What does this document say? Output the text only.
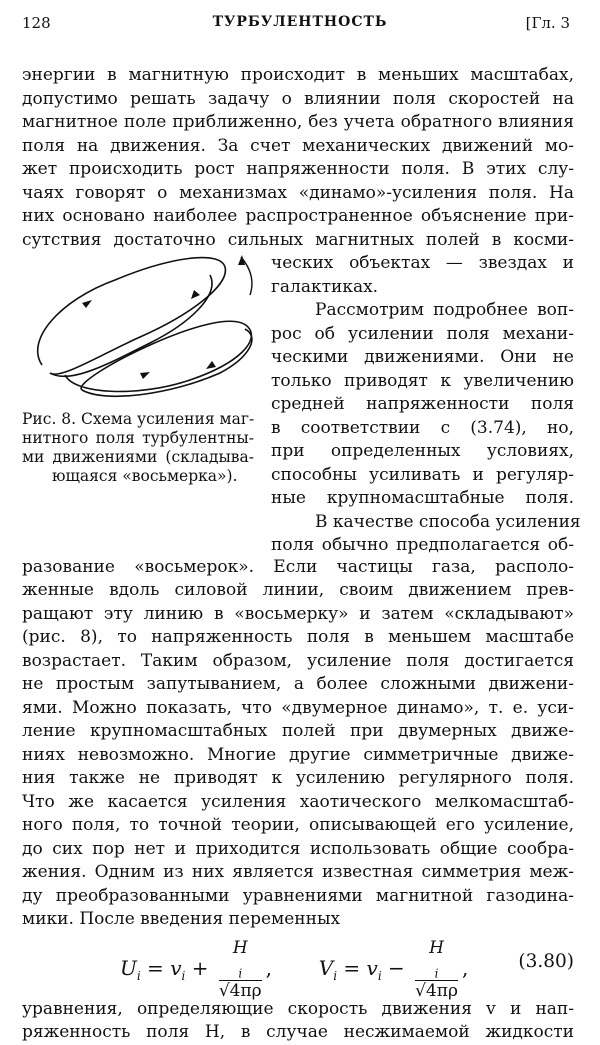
128	ТУРБУЛЕНТНОСТЬ	[Гл. 3
энергии в магнитную происходит в меньших масштабах,
допустимо решать задачу о влиянии поля скоростей на
магнитное поле приближенно, без учета обратного влияния
поля на движения. За счет механических движений мо-
жет происходить рост напряженности поля. В этих слу-
чаях говорят о механизмах «динамо»-усиления поля. На
них основано наиболее распространенное объяснение при-
сутствия достаточно сильных магнитных полей в косми-
ческих объектах — звездах и
галактиках.
Рассмотрим подробнее воп-
рос об усилении поля механи-
ческими движениями. Они не
только приводят к увеличению
средней напряженности поля
в соответствии с (3.74), но,
при определенных условиях,
способны усиливать и регуляр-
ные крупномасштабные поля.
В качестве способа усиления
поля обычно предполагается об-
Рис. 8. Схема усиления маг-
нитного поля турбулентны-
ми движениями (складыва-
ющаяся «восьмерка»).
разование «восьмерок». Если частицы газа, располо-
женные вдоль силовой линии, своим движением прев-
ращают эту линию в «восьмерку» и затем «складывают»
(рис. 8), то напряженность поля в меньшем масштабе
возрастает. Таким образом, усиление поля достигается
не простым запутыванием, а более сложными движени-
ями. Можно показать, что «двумерное динамо», т. е. уси-
ление крупномасштабных полей при двумерных движе-
ниях невозможно. Многие другие симметричные движе-
ния также не приводят к усилению регулярного поля.
Что же касается усиления хаотического мелкомасштаб-
ного поля, то точной теории, описывающей его усиление,
до сих пор нет и приходится использовать общие сообра-
жения. Одним из них является известная симметрия меж-
ду преобразованными уравнениями магнитной газодина-
мики. После введения переменных
$U_i = v_i + H$
$_i$
√4πρ , $V_i = v_i - H$
$_i$
√4πρ ,	(3.80)
уравнения, определяющие скорость движения v и нап-
ряженность поля H, в случае несжимаемой жидкости
